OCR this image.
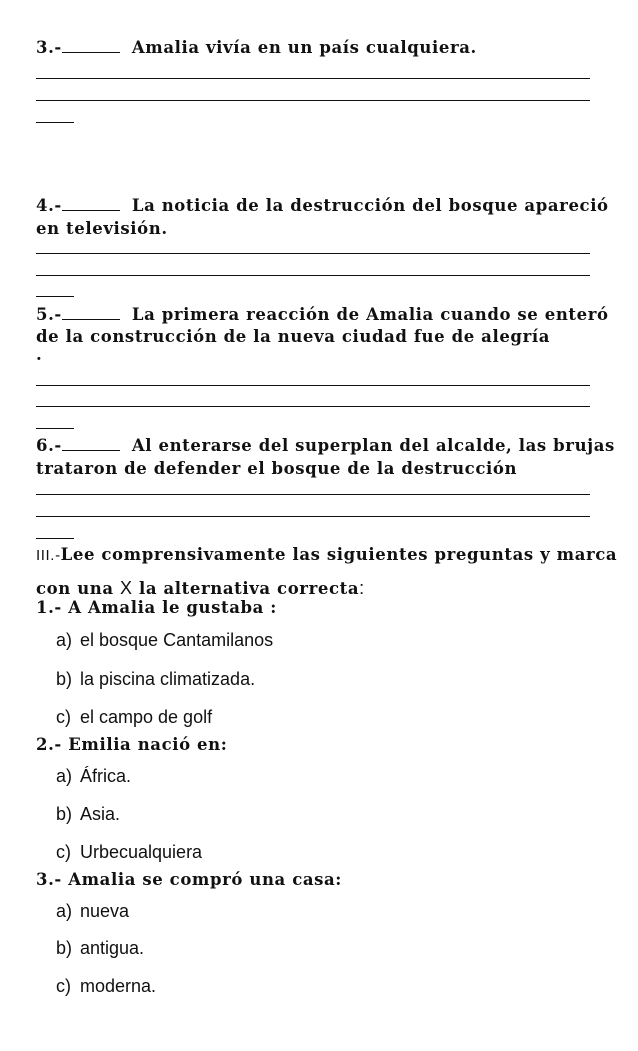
3.-	Amalia vivía en un país cualquiera.
4.-	La noticia de la destrucción del bosque apareció
en televisión.
5.-	La primera reacción de Amalia cuando se enteró
de la construcción de la nueva ciudad fue de alegría
.
6.-	Al enterarse del superplan del alcalde, las brujas
trataron de defender el bosque de la destrucción
III.-Lee comprensivamente las siguientes preguntas y marca
con una X la alternativa correcta:
1.- A Amalia le gustaba :
a) el bosque Cantamilanos
b) la piscina climatizada.
c) el campo de golf
2.- Emilia nació en:
a) África.
b) Asia.
c) Urbecualquiera
3.- Amalia se compró una casa:
a) nueva
b) antigua.
c) moderna.
